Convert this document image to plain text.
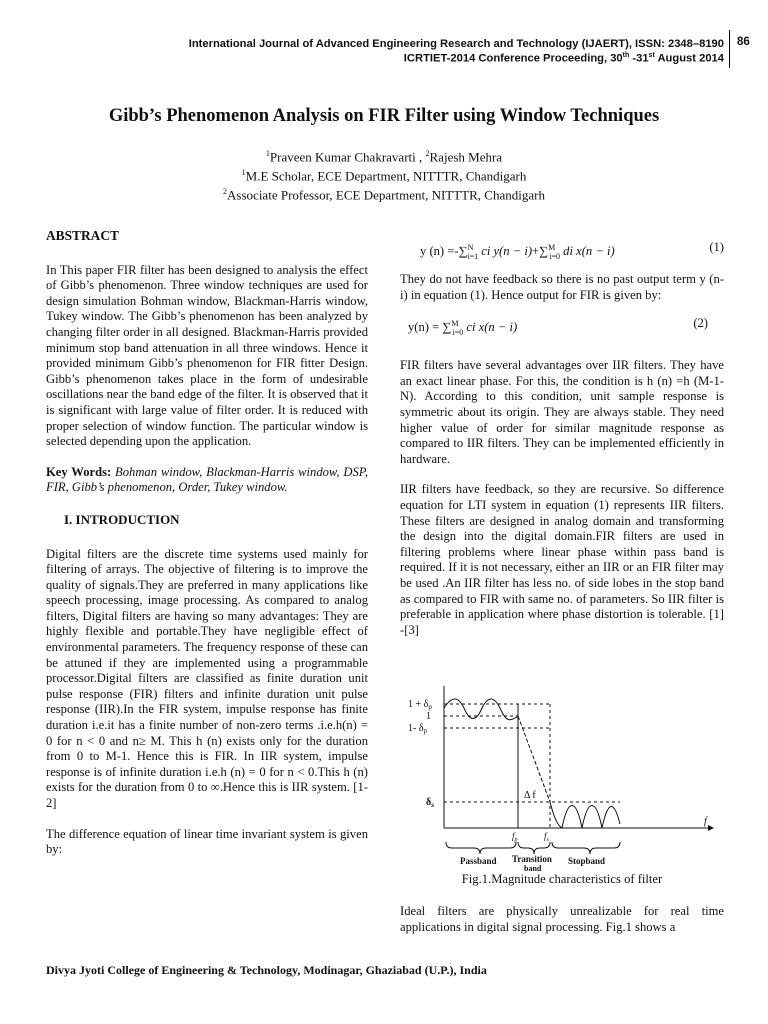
International Journal of Advanced Engineering Research and Technology (IJAERT), ISSN: 2348–8190
ICRTIET-2014 Conference Proceeding, 30th -31st August 2014
86
Gibb’s Phenomenon Analysis on FIR Filter using Window Techniques
$^1$Praveen Kumar Chakravarti , $^2$Rajesh Mehra
$^1$M.E Scholar, ECE Department, NITTTR, Chandigarh
$^2$Associate Professor, ECE Department, NITTTR, Chandigarh
ABSTRACT

In This paper FIR filter has been designed to analysis the effect of Gibb’s phenomenon. Three window techniques are used for design simulation Bohman window, Blackman-Harris window, Tukey window. The Gibb’s phenomenon has been analyzed by changing filter order in all designed. Blackman-Harris provided minimum stop band attenuation in all three windows. Hence it provided minimum Gibb’s phenomenon for FIR fitter Design. Gibb’s phenomenon takes place in the form of undesirable oscillations near the band edge of the filter. It is observed that it is significant with large value of filter order. It is reduced with proper selection of window function. The particular window is selected depending upon the application.

Key Words: Bohman window, Blackman-Harris window, DSP, FIR, Gibb’s phenomenon, Order, Tukey window.

I. INTRODUCTION

Digital filters are the discrete time systems used mainly for filtering of arrays. The objective of filtering is to improve the quality of signals.They are preferred in many applications like speech processing, image processing. As compared to analog filters, Digital filters are having so many advantages: They are highly flexible and portable.They have negligible effect of environmental parameters. The frequency response of these can be attuned if they are implemented using a programmable processor.Digital filters are classified as finite duration unit pulse response (FIR) filters and infinite duration unit pulse response (IIR).In the FIR system, impulse response has finite duration i.e.it has a finite number of non-zero terms .i.e.h(n) = 0 for n < 0 and n≥ M. This h (n) exists only for the duration from 0 to M-1. Hence this is FIR. In IIR system, impulse response is of infinite duration i.e.h (n) = 0 for n < 0.This h (n) exists for the duration from 0 to ∞.Hence this is IIR system. [1-2]

The difference equation of linear time invariant system is given by:

y (n) =-∑$^N_{i=1}$ ci y(n − i)+∑$^M_{i=0}$ di x(n − i)	(1)

They do not have feedback so there is no past output term y (n-i) in equation (1). Hence output for FIR is given by:

y(n) = ∑$^M_{i=0}$ ci x(n − i)	(2)

FIR filters have several advantages over IIR filters. They have an exact linear phase. For this, the condition is h (n) =h (M-1-N). According to this condition, unit sample response is symmetric about its origin. They are always stable. They need higher value of order for similar magnitude response as compared to IIR filters. They can be implemented efficiently in hardware.

IIR filters have feedback, so they are recursive. So difference equation for LTI system in equation (1) represents IIR filters. These filters are designed in analog domain and transforming the design into the digital domain.FIR filters are used in filtering problems where linear phase within pass band is required. If it is not necessary, either an IIR or an FIR filter may be used .An IIR filter has less no. of side lobes in the stop band as compared to FIR with same no. of parameters. So IIR filter is preferable in application where phase distortion is tolerable. [1] -[3]

$1 + \delta_p$
1
1- $\delta_p$
$\delta_s$
Δ f
f
$f_p$	$f_s$
Passband Transition
band
Stopband
Fig.1.Magnitude characteristics of filter

Ideal filters are physically unrealizable for real time applications in digital signal processing. Fig.1 shows a

Divya Jyoti College of Engineering & Technology, Modinagar, Ghaziabad (U.P.), India
